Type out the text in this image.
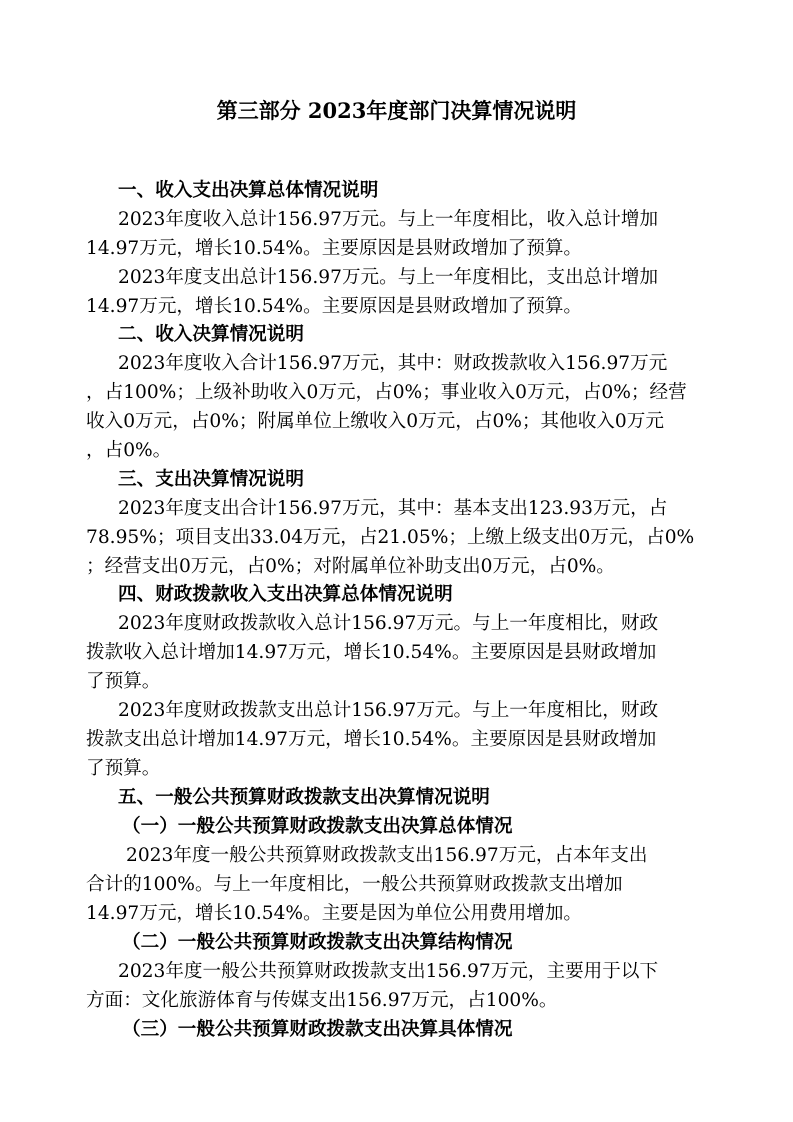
第三部分 2023年度部门决算情况说明
一、收入支出决算总体情况说明
2023年度收入总计156.97万元。与上一年度相比，收入总计增加
14.97万元，增长10.54%。主要原因是县财政增加了预算。
2023年度支出总计156.97万元。与上一年度相比，支出总计增加
14.97万元，增长10.54%。主要原因是县财政增加了预算。
二、收入决算情况说明
2023年度收入合计156.97万元，其中：财政拨款收入156.97万元
，占100%；上级补助收入0万元，占0%；事业收入0万元，占0%；经营
收入0万元，占0%；附属单位上缴收入0万元，占0%；其他收入0万元
，占0%。
三、支出决算情况说明
2023年度支出合计156.97万元，其中：基本支出123.93万元，占
78.95%；项目支出33.04万元，占21.05%；上缴上级支出0万元，占0%
；经营支出0万元，占0%；对附属单位补助支出0万元，占0%。
四、财政拨款收入支出决算总体情况说明
2023年度财政拨款收入总计156.97万元。与上一年度相比，财政
拨款收入总计增加14.97万元，增长10.54%。主要原因是县财政增加
了预算。
2023年度财政拨款支出总计156.97万元。与上一年度相比，财政
拨款支出总计增加14.97万元，增长10.54%。主要原因是县财政增加
了预算。
五、一般公共预算财政拨款支出决算情况说明
（一）一般公共预算财政拨款支出决算总体情况
2023年度一般公共预算财政拨款支出156.97万元，占本年支出
合计的100%。与上一年度相比，一般公共预算财政拨款支出增加
14.97万元，增长10.54%。主要是因为单位公用费用增加。
（二）一般公共预算财政拨款支出决算结构情况
2023年度一般公共预算财政拨款支出156.97万元，主要用于以下
方面：文化旅游体育与传媒支出156.97万元，占100%。
（三）一般公共预算财政拨款支出决算具体情况
